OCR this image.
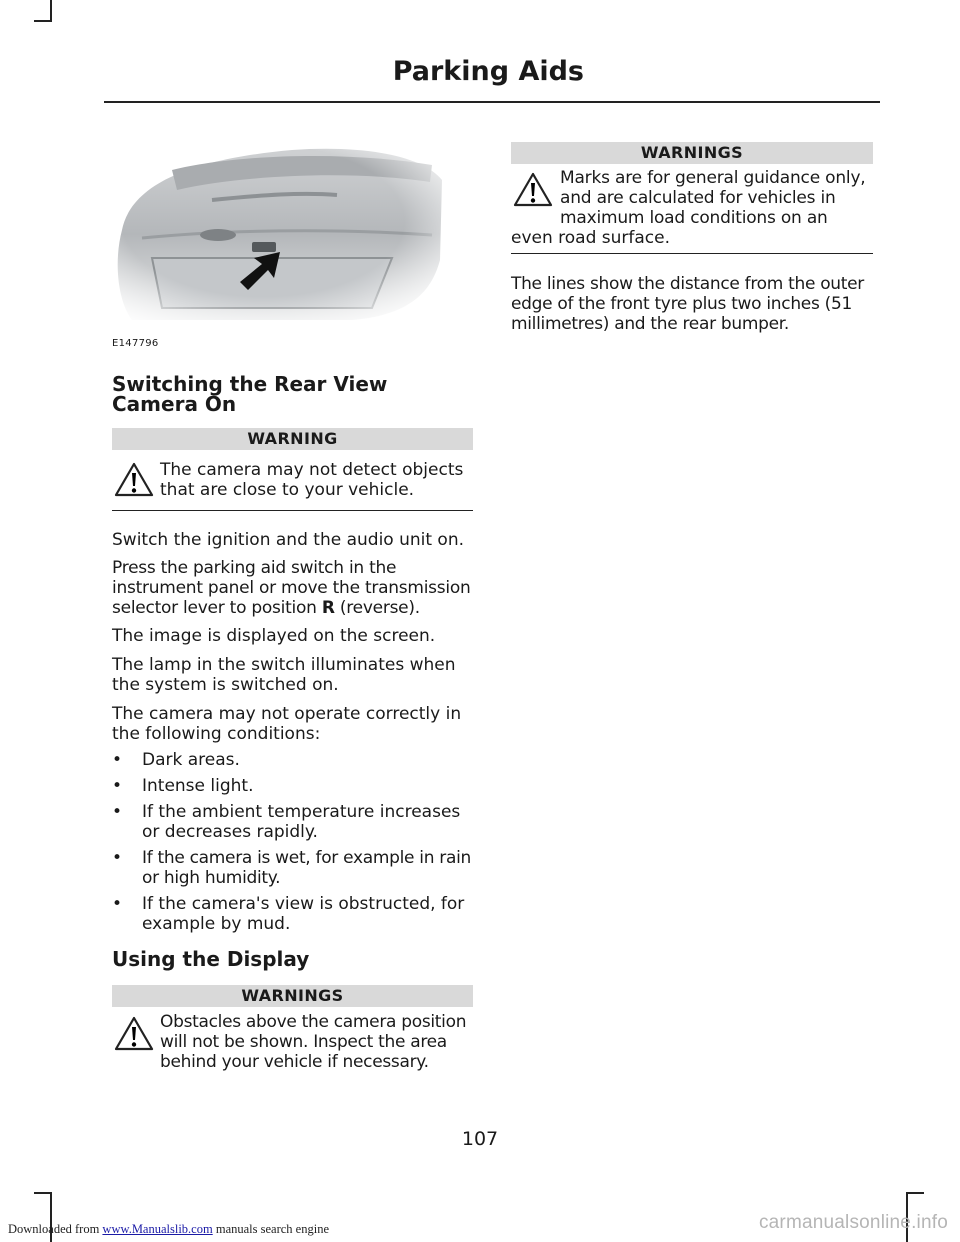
Parking Aids
E147796
Switching the Rear View Camera On
WARNING
The camera may not detect objects that are close to your vehicle.

Switch the ignition and the audio unit on.

Press the parking aid switch in the instrument panel or move the transmission selector lever to position R (reverse).

The image is displayed on the screen.

The lamp in the switch illuminates when the system is switched on.

The camera may not operate correctly in the following conditions:

• Dark areas.
• Intense light.
• If the ambient temperature increases or decreases rapidly.
• If the camera is wet, for example in rain or high humidity.
• If the camera's view is obstructed, for example by mud.
Using the Display
WARNINGS
Obstacles above the camera position will not be shown. Inspect the area behind your vehicle if necessary.
WARNINGS
Marks are for general guidance only, and are calculated for vehicles in maximum load conditions on an
even road surface.

The lines show the distance from the outer edge of the front tyre plus two inches (51 millimetres) and the rear bumper.

107
Downloaded from www.Manualslib.com manuals search engine	carmanualsonline.info
